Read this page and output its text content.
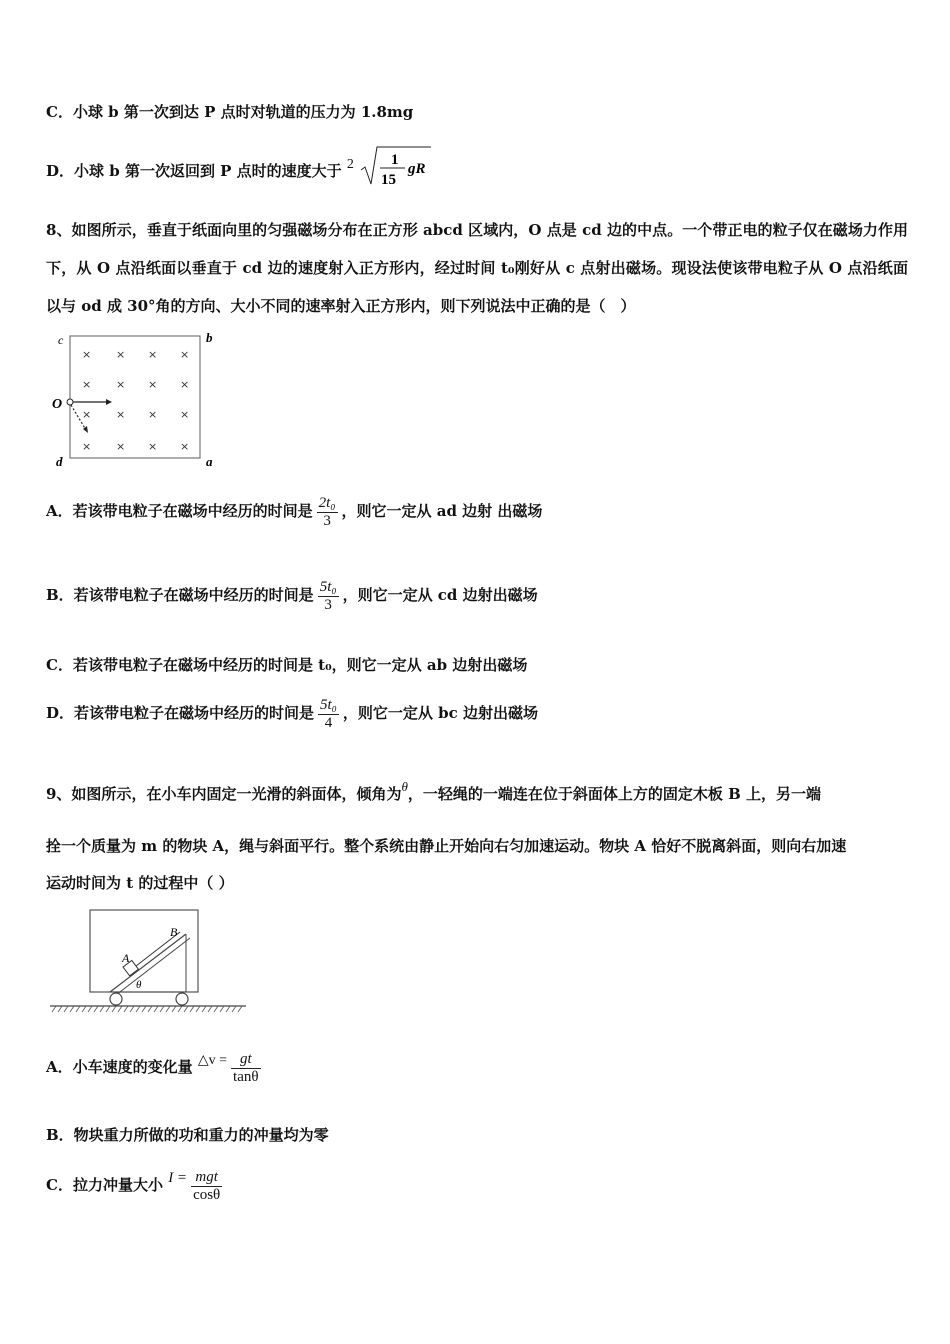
C．小球 b 第一次到达 P 点时对轨道的压力为 1.8mg
D．小球 b 第一次返回到 P 点时的速度大于 2 1
15
gR
8、如图所示，垂直于纸面向里的匀强磁场分布在正方形 abcd 区域内，O 点是 cd 边的中点。一个带正电的粒子仅在磁场力作用下，从 O 点沿纸面以垂直于 cd 边的速度射入正方形内，经过时间 t₀刚好从 c 点射出磁场。现设法使该带电粒子从 O 点沿纸面以与 od 成 30°角的方向、大小不同的速率射入正方形内，则下列说法中正确的是（　）
c	b
O
d	a
× × × ×
× × × ×
× × × ×
× × × ×
A．若该带电粒子在磁场中经历的时间是 $\frac{\text{2t₀}}{3}$ ，则它一定从 ad 边射 出磁场
B．若该带电粒子在磁场中经历的时间是 $\frac{\text{5t₀}}{3}$ ，则它一定从 cd 边射出磁场
C．若该带电粒子在磁场中经历的时间是 t₀，则它一定从 ab 边射出磁场
D．若该带电粒子在磁场中经历的时间是 $\frac{\text{5t₀}}{4}$ ，则它一定从 bc 边射出磁场
9、如图所示，在小车内固定一光滑的斜面体，倾角为θ，一轻绳的一端连在位于斜面体上方的固定木板 B 上，另一端
拴一个质量为 m 的物块 A，绳与斜面平行。整个系统由静止开始向右匀加速运动。物块 A 恰好不脱离斜面，则向右加速
运动时间为 t 的过程中（ ）
A
B
θ
A．小车速度的变化量 △v = $\frac{gt}{\tan\theta}$
B．物块重力所做的功和重力的冲量均为零
C．拉力冲量大小 $I = \frac{\text{mgt}}{\cos\theta}$
